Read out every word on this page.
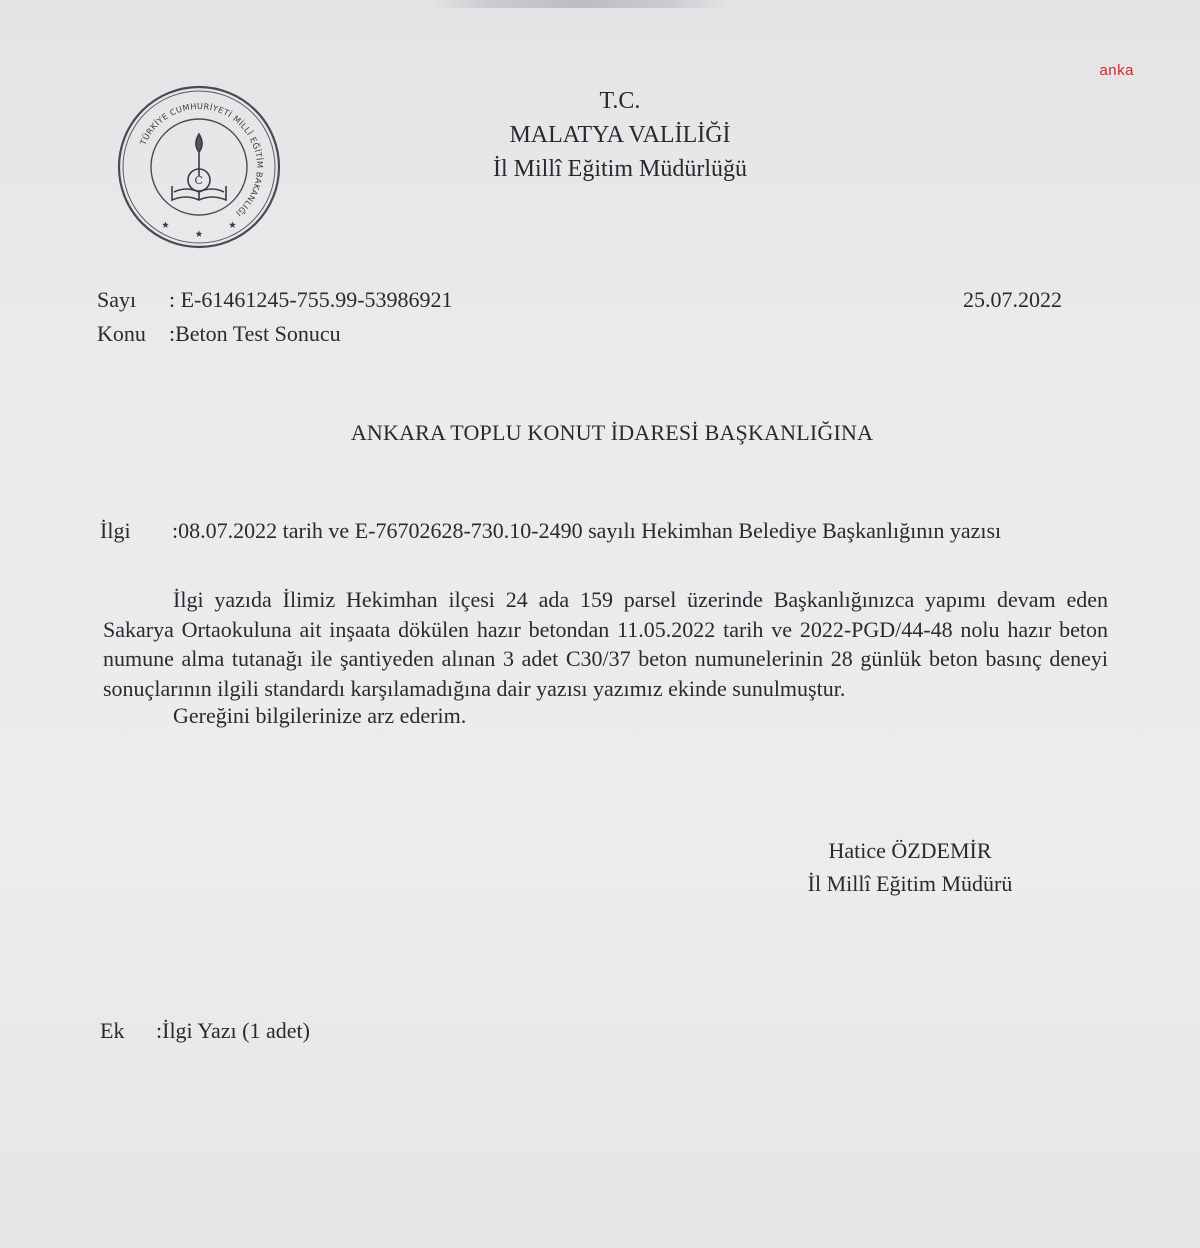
anka
TÜRKİYE CUMHURİYETİ MİLLÎ EĞİTİM BAKANLIĞI
C
T.C.
MALATYA VALİLİĞİ
İl Millî Eğitim Müdürlüğü
Sayı : E-61461245-755.99-53986921
Konu :Beton Test Sonucu
25.07.2022
ANKARA TOPLU KONUT İDARESİ BAŞKANLIĞINA
İlgi :08.07.2022 tarih ve E-76702628-730.10-2490 sayılı Hekimhan Belediye Başkanlığının yazısı

İlgi yazıda İlimiz Hekimhan ilçesi 24 ada 159 parsel üzerinde Başkanlığınızca yapımı devam eden Sakarya Ortaokuluna ait inşaata dökülen hazır betondan 11.05.2022 tarih ve 2022-PGD/44-48 nolu hazır beton numune alma tutanağı ile şantiyeden alınan 3 adet C30/37 beton numunelerinin 28 günlük beton basınç deneyi sonuçlarının ilgili standardı karşılamadığına dair yazısı yazımız ekinde sunulmuştur.

Gereğini bilgilerinize arz ederim.
Hatice ÖZDEMİR
İl Millî Eğitim Müdürü
Ek :İlgi Yazı (1 adet)
